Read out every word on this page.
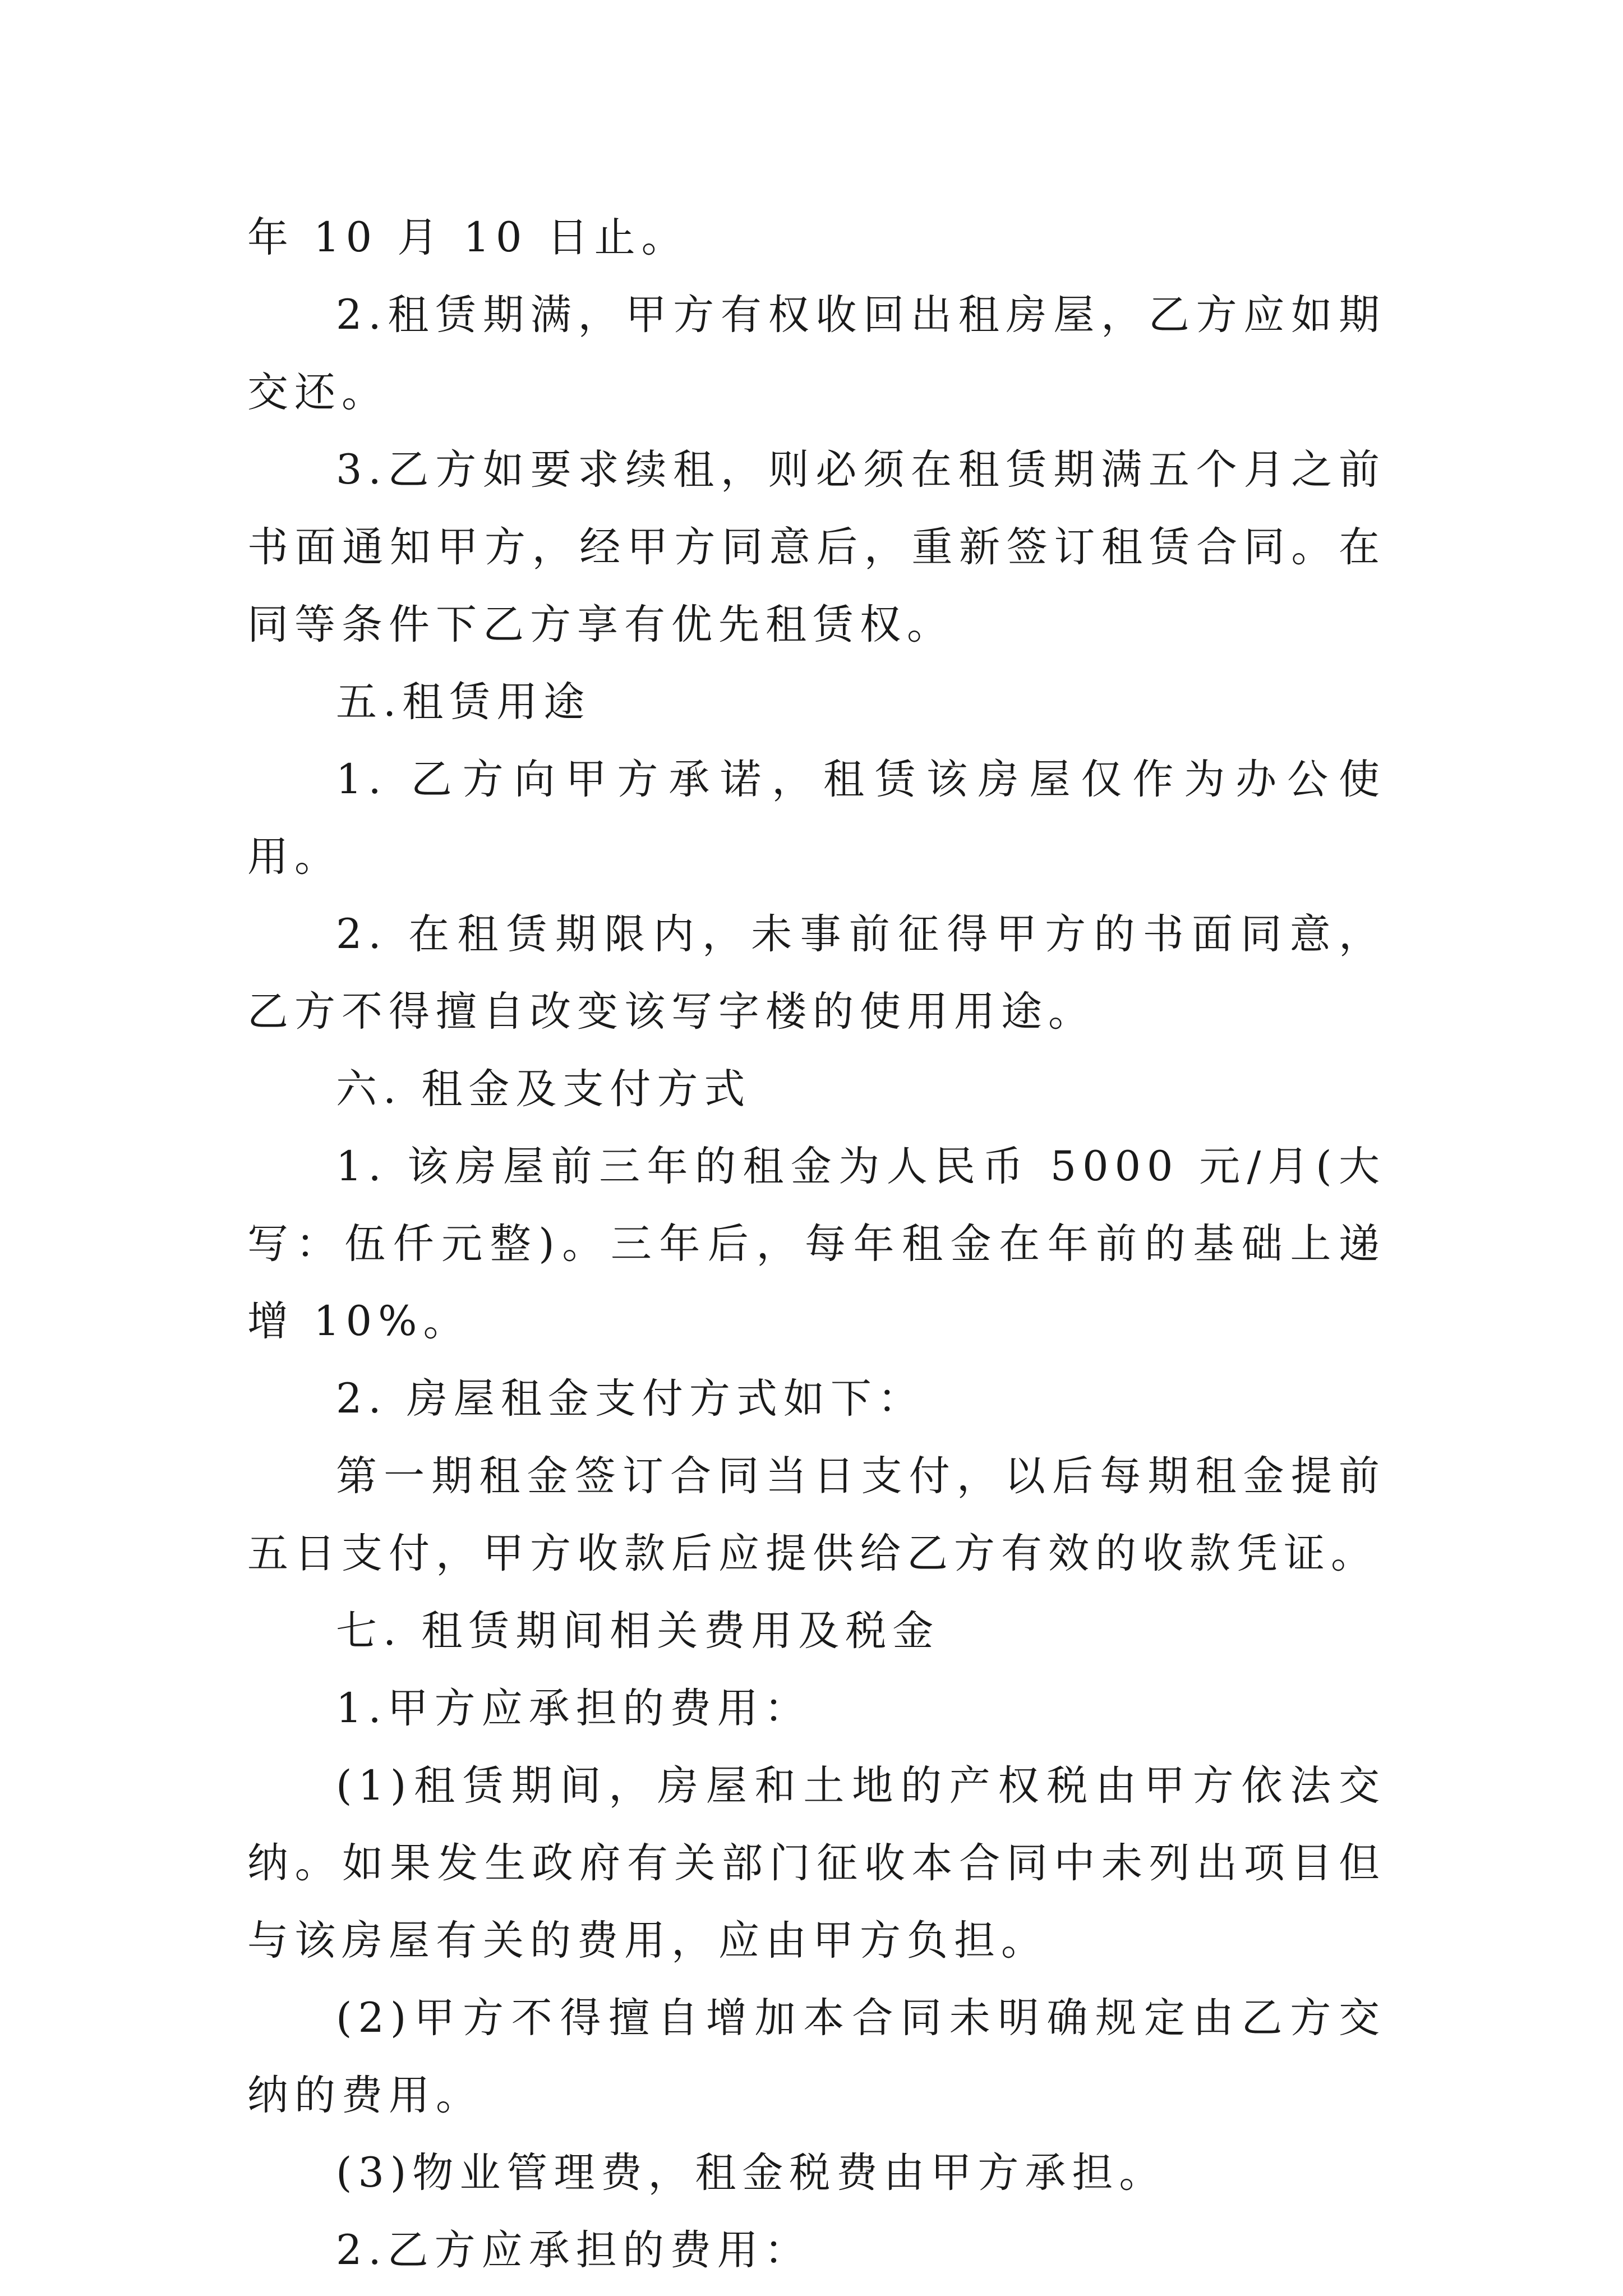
年 10 月 10 日止。

2.租赁期满，甲方有权收回出租房屋，乙方应如期交还。

3.乙方如要求续租，则必须在租赁期满五个月之前书面通知甲方，经甲方同意后，重新签订租赁合同。在同等条件下乙方享有优先租赁权。

五.租赁用途

1. 乙方向甲方承诺，租赁该房屋仅作为办公使用。

2. 在租赁期限内，未事前征得甲方的书面同意，乙方不得擅自改变该写字楼的使用用途。

六. 租金及支付方式

1. 该房屋前三年的租金为人民币 5000 元/月(大写：伍仟元整)。三年后，每年租金在年前的基础上递增 10%。

2. 房屋租金支付方式如下：

第一期租金签订合同当日支付，以后每期租金提前五日支付，甲方收款后应提供给乙方有效的收款凭证。

七. 租赁期间相关费用及税金

1.甲方应承担的费用：

(1)租赁期间，房屋和土地的产权税由甲方依法交纳。如果发生政府有关部门征收本合同中未列出项目但与该房屋有关的费用，应由甲方负担。

(2)甲方不得擅自增加本合同未明确规定由乙方交纳的费用。

(3)物业管理费，租金税费由甲方承担。

2.乙方应承担的费用：
